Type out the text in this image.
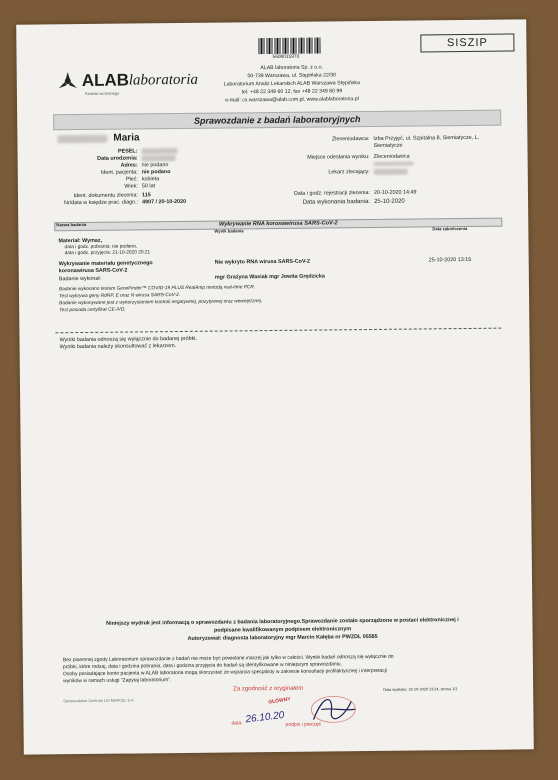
5608015970
SISZIP
ALAB laboratoria
Szansa wczesnego
ALAB laboratoria Sp. z o.o.
00-739 Warszawa, ul. Stępińska 22/30
Laboratorium Analiz Lekarskich ALAB Warszawa Stępińska
tel. +48 22 349 60 12, fax +48 22 349 60 99
e-mail: cs.warszawa@alab.com.pl, www.alablaboratoria.pl
Sprawozdanie z badań laboratoryjnych
Maria
PESEL:
Data urodzenia:
Adres: nie podano
Ident. pacjenta: nie podano
Płeć: kobieta
Wiek: 50 lat
Ident. dokumentu zlecenia: 115
Nr/data w księdze prac. diagn.: 4907 / 20-10-2020
Zleceniodawca: Izba Przyjęć, ul. Szpitalna 8, Siemiatycze, L. Siemiatycze
Miejsce odesłania wyniku: Zleceniodawca
Lekarz zlecający:
Data i godz. rejestracji zlecenia: 20-10-2020 14:49
Data wykonania badania: 25-10-2020
Wykrywanie RNA koronawirusa SARS-CoV-2
Nazwa badania
Wynik badania	Data zakończenia
Materiał: Wymaz,
data i godz. pobrania: nie podano,
data i godz. przyjęcia: 21-10-2020 20:21
Wykrywanie materiału genetycznego
koronawirusa SARS-CoV-2
Nie wykryto RNA wirusa SARS-CoV-2	25-10-2020 13:15
Badanie wykonał:	mgr Grażyna Wasiak mgr Jowita Grędzicka
Badanie wykonano testem GeneFinder™ COVID-19 PLUS RealAmp metodą real-time PCR.
Test wykrywa geny RdRP, E oraz N wirusa SARS-CoV-2.
Badanie wykonywane jest z wykorzystaniem kontroli negatywnej, pozytywnej oraz wewnętrznej.
Test posiada certyfikat CE-IVD.
Wyniki badania odnoszą się wyłącznie do badanej próbki.
Wyniki badania należy skonsultować z lekarzem.
Niniejszy wydruk jest informacją o sprawozdaniu z badania laboratoryjnego.Sprawozdanie zostało sporządzone w postaci elektronicznej i
podpisane kwalifikowanym podpisem elektronicznym
Autoryzował: diagnosta laboratoryjny mgr Marcin Kałęba nr PWZDL 05585
Bez pisemnej zgody Laboratorium sprawozdanie z badań nie może być powielane inaczej jak tylko w całości. Wyniki badań odnoszą się wyłącznie do
próbki, które rodzaj, data i godzina pobrania, data i godzina przyjęcia do badań są identyfikowane w niniejszym sprawozdaniu.
Osoby posiadające konto pacjenta w ALAB laboratoria mogą skorzystać ze wsparcia specjalisty w zakresie konsultacji profilaktycznej i interpretacji
wyników w ramach usługi "Zapytaj laboratorium".
Sprawozdanie Centrum LIS MARCEL S.A.
Data wydruku: 25-10-2020 13:24, strona 1/1
Za zgodność z oryginałem
GŁÓWNY
data 26.10.20 podpis i pieczęć
